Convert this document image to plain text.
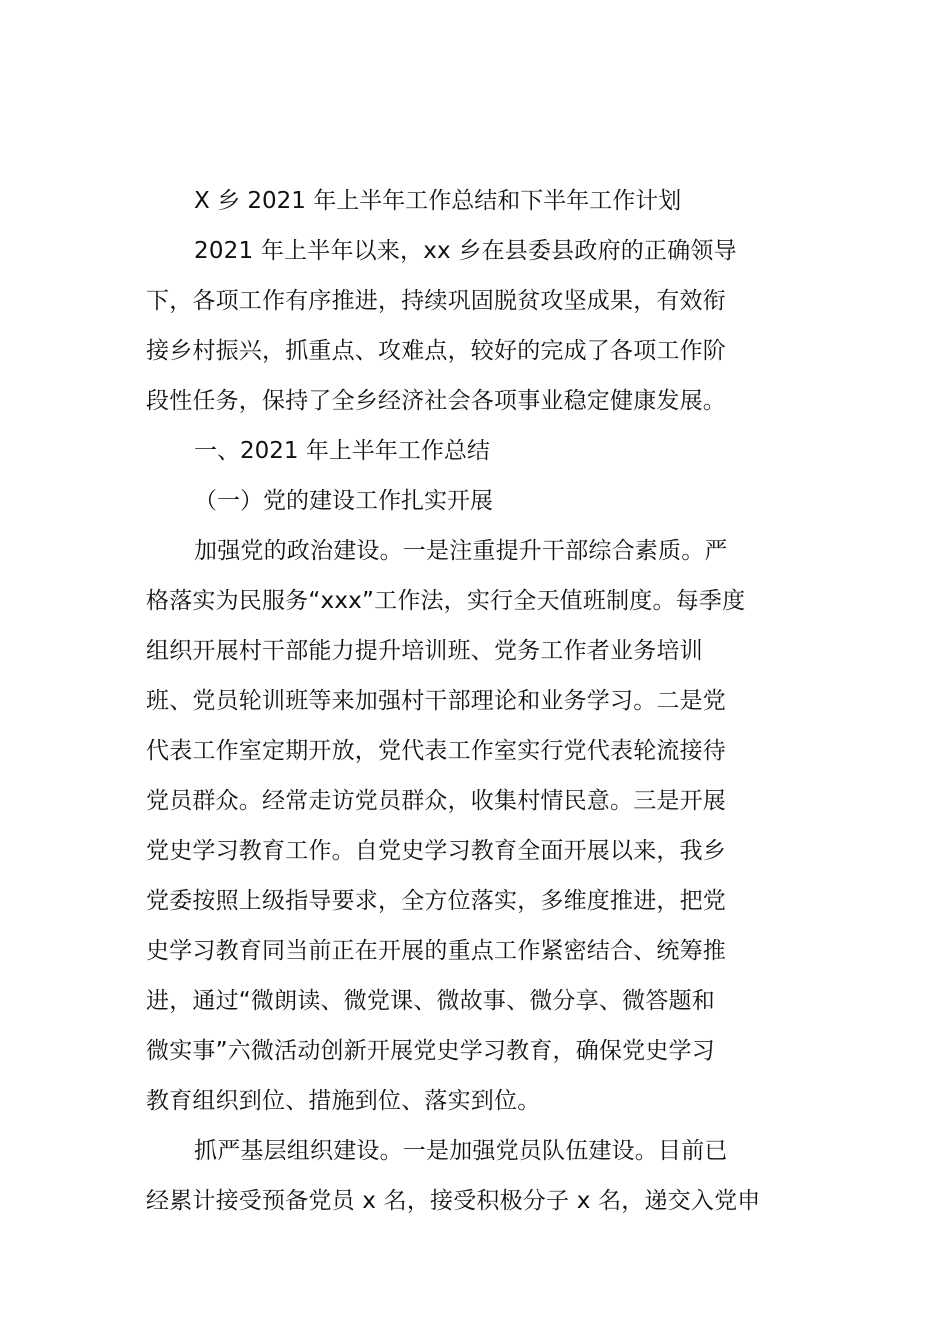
X 乡 2021 年上半年工作总结和下半年工作计划
2021 年上半年以来，xx 乡在县委县政府的正确领导
下，各项工作有序推进，持续巩固脱贫攻坚成果，有效衔
接乡村振兴，抓重点、攻难点，较好的完成了各项工作阶
段性任务，保持了全乡经济社会各项事业稳定健康发展。
一、2021 年上半年工作总结
（一）党的建设工作扎实开展
加强党的政治建设。一是注重提升干部综合素质。严
格落实为民服务“xxx”工作法，实行全天值班制度。每季度
组织开展村干部能力提升培训班、党务工作者业务培训
班、党员轮训班等来加强村干部理论和业务学习。二是党
代表工作室定期开放，党代表工作室实行党代表轮流接待
党员群众。经常走访党员群众，收集村情民意。三是开展
党史学习教育工作。自党史学习教育全面开展以来，我乡
党委按照上级指导要求，全方位落实，多维度推进，把党
史学习教育同当前正在开展的重点工作紧密结合、统筹推
进，通过“微朗读、微党课、微故事、微分享、微答题和
微实事”六微活动创新开展党史学习教育，确保党史学习
教育组织到位、措施到位、落实到位。
抓严基层组织建设。一是加强党员队伍建设。目前已
经累计接受预备党员 x 名，接受积极分子 x 名，递交入党申
